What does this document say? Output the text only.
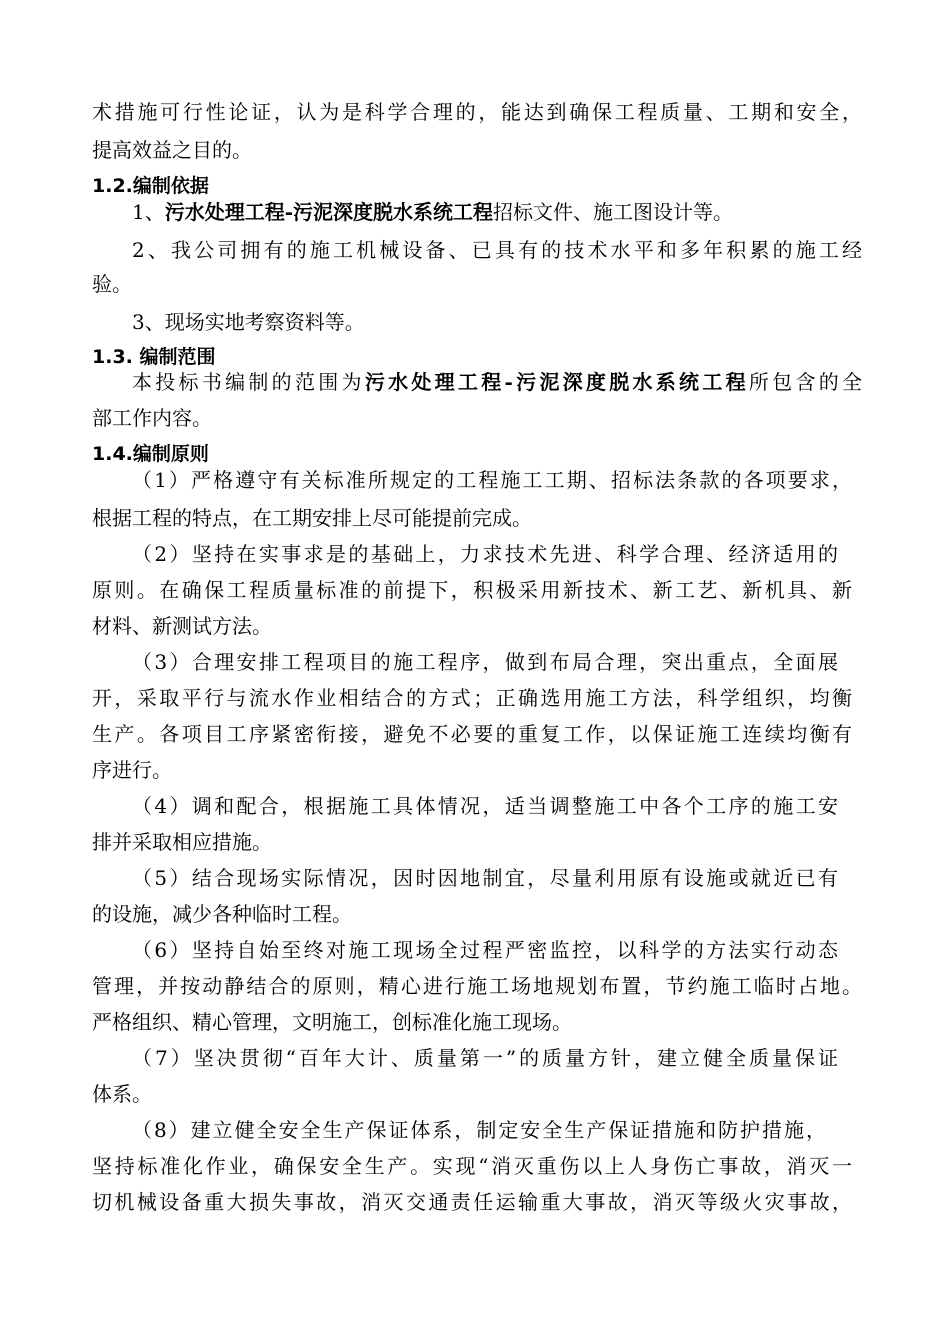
术措施可行性论证，认为是科学合理的，能达到确保工程质量、工期和安全，
提高效益之目的。
1.2.编制依据
1、污水处理工程-污泥深度脱水系统工程招标文件、施工图设计等。
2、我公司拥有的施工机械设备、已具有的技术水平和多年积累的施工经
验。
3、现场实地考察资料等。
1.3. 编制范围
本投标书编制的范围为污水处理工程-污泥深度脱水系统工程所包含的全
部工作内容。
1.4.编制原则
（1）严格遵守有关标准所规定的工程施工工期、招标法条款的各项要求，
根据工程的特点，在工期安排上尽可能提前完成。
（2）坚持在实事求是的基础上，力求技术先进、科学合理、经济适用的
原则。在确保工程质量标准的前提下，积极采用新技术、新工艺、新机具、新
材料、新测试方法。
（3）合理安排工程项目的施工程序，做到布局合理，突出重点，全面展
开，采取平行与流水作业相结合的方式；正确选用施工方法，科学组织，均衡
生产。各项目工序紧密衔接，避免不必要的重复工作，以保证施工连续均衡有
序进行。
（4）调和配合，根据施工具体情况，适当调整施工中各个工序的施工安
排并采取相应措施。
（5）结合现场实际情况，因时因地制宜，尽量利用原有设施或就近已有
的设施，减少各种临时工程。
（6）坚持自始至终对施工现场全过程严密监控，以科学的方法实行动态
管理，并按动静结合的原则，精心进行施工场地规划布置，节约施工临时占地。
严格组织、精心管理，文明施工，创标准化施工现场。
（7）坚决贯彻“百年大计、质量第一”的质量方针，建立健全质量保证
体系。
（8）建立健全安全生产保证体系，制定安全生产保证措施和防护措施，
坚持标准化作业，确保安全生产。实现“消灭重伤以上人身伤亡事故，消灭一
切机械设备重大损失事故，消灭交通责任运输重大事故，消灭等级火灾事故，
